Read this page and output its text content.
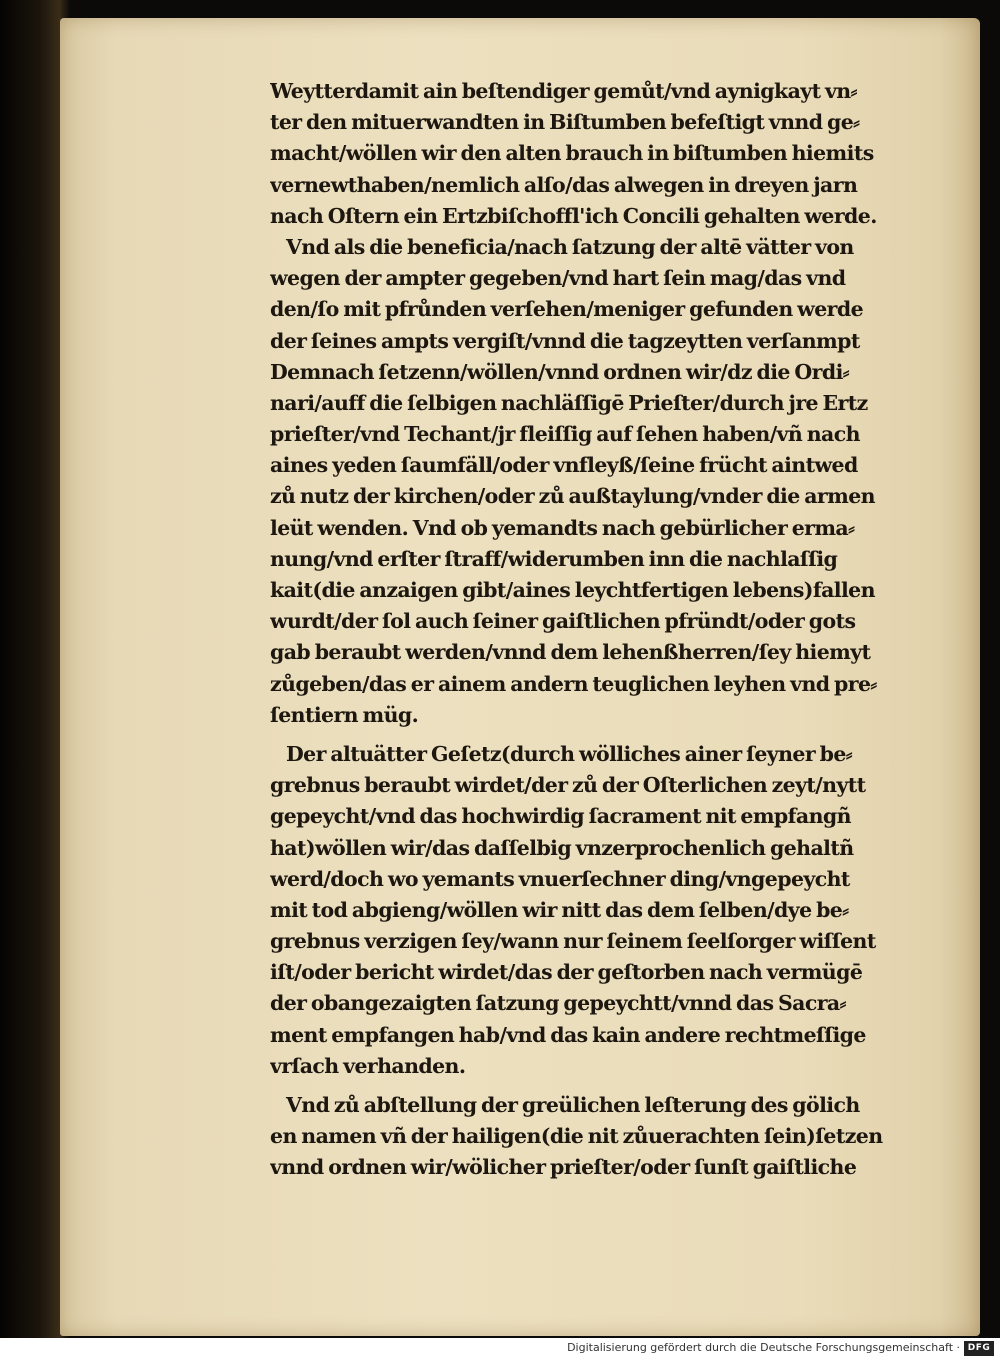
Weytterdamit ain beſtendiger gemůt/vnd aynigkayt vn⸗
ter den mituerwandten in Biſtumben befeſtigt vnnd ge⸗
macht/wöllen wir den alten brauch in biſtumben hiemits
vernewthaben/nemlich alſo/das alwegen in dreyen jarn
nach Oſtern ein Ertzbiſchoffl'ich Concili gehalten werde.
Vnd als die beneficia/nach ſatzung der altē vätter von
wegen der ampter gegeben/vnd hart ſein mag/das vnd
den/ſo mit pfrůnden verſehen/meniger gefunden werde
der ſeines ampts vergiſt/vnnd die tagzeytten verſanmpt
Demnach ſetzenn/wöllen/vnnd ordnen wir/dz die Ordi⸗
nari/auff die ſelbigen nachläſſigē Prieſter/durch jre Ertz
prieſter/vnd Techant/jr fleiſſig auf ſehen haben/vñ nach
aines yeden ſaumfäll/oder vnfleyß/ſeine frücht aintwed
zů nutz der kirchen/oder zů außtaylung/vnder die armen
leüt wenden. Vnd ob yemandts nach gebürlicher erma⸗
nung/vnd erſter ſtraff/widerumben inn die nachlaſſig
kait(die anzaigen gibt/aines leychtfertigen lebens)fallen
wurdt/der ſol auch ſeiner gaiſtlichen pfründt/oder gots
gab beraubt werden/vnnd dem lehenßherren/ſey hiemyt
zůgeben/das er ainem andern teuglichen leyhen vnd pre⸗
ſentiern müg.
Der altuätter Geſetz(durch wölliches ainer ſeyner be⸗
grebnus beraubt wirdet/der zů der Oſterlichen zeyt/nytt
gepeycht/vnd das hochwirdig ſacrament nit empfangñ
hat)wöllen wir/das daſſelbig vnzerprochenlich gehaltñ
werd/doch wo yemants vnuerſechner ding/vngepeycht
mit tod abgieng/wöllen wir nitt das dem ſelben/dye be⸗
grebnus verzigen ſey/wann nur ſeinem ſeelſorger wiſſent
iſt/oder bericht wirdet/das der geſtorben nach vermügē
der obangezaigten ſatzung gepeychtt/vnnd das Sacra⸗
ment empfangen hab/vnd das kain andere rechtmeſſige
vrſach verhanden.
Vnd zů abſtellung der greülichen leſterung des gölich
en namen vñ der hailigen(die nit zůuerachten ſein)ſetzen
vnnd ordnen wir/wölicher prieſter/oder ſunſt gaiſtliche
Digitalisierung gefördert durch die Deutsche Forschungsgemeinschaft · DFG
